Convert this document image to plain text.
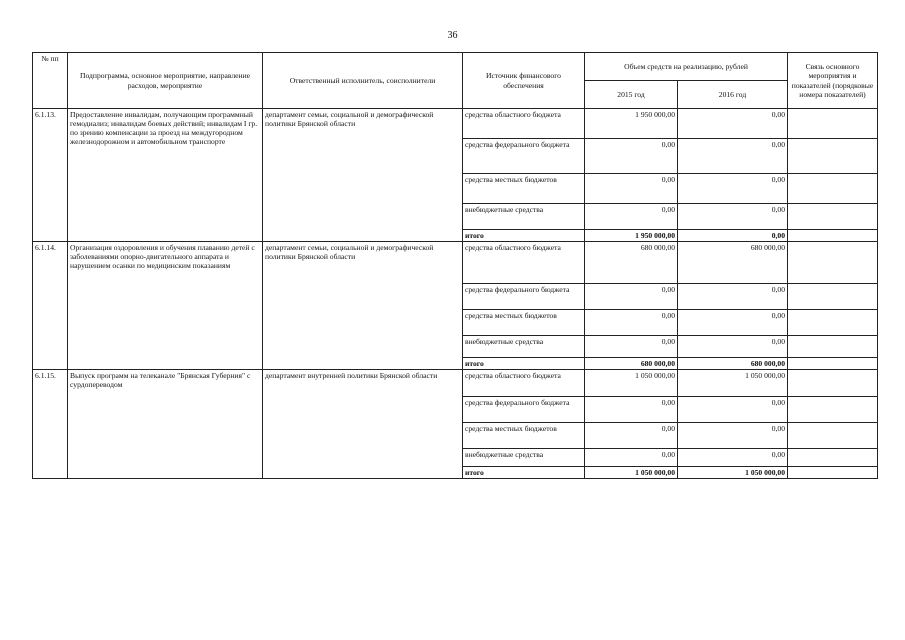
36
№ пп	Подпрограмма, основное мероприятие, направление расходов, мероприятие	Ответственный исполнитель, соисполнители	Источник финансового обеспечения	Объем средств на реализацию, рублей		Связь основного мероприятия и показателей (порядковые номера показателей)
				2015 год	2016 год	
6.1.13.	Предоставление инвалидам, получающим программный гемодиализ; инвалидам боевых действий; инвалидам I гр. по зрению компенсации за проезд на междугородном железнодорожном и автомобильном транспорте	департамент семьи, социальной и демографической политики Брянской области	средства областного бюджета	1 950 000,00	0,00	
			средства федерального бюджета	0,00	0,00	
			средства местных бюджетов	0,00	0,00	
			внебюджетные средства	0,00	0,00	
			итого	1 950 000,00	0,00	
6.1.14.	Организация оздоровления и обучения плаванию детей с заболеваниями опорно-двигательного аппарата и нарушением осанки по медицинским показаниям	департамент семьи, социальной и демографической политики Брянской области	средства областного бюджета	680 000,00	680 000,00	
			средства федерального бюджета	0,00	0,00	
			средства местных бюджетов	0,00	0,00	
			внебюджетные средства	0,00	0,00	
			итого	680 000,00	680 000,00	
6.1.15.	Выпуск программ на телеканале "Брянская Губерния" с сурдопереводом	департамент внутренней политики Брянской области	средства областного бюджета	1 050 000,00	1 050 000,00	
			средства федерального бюджета	0,00	0,00	
			средства местных бюджетов	0,00	0,00	
			внебюджетные средства	0,00	0,00	
			итого	1 050 000,00	1 050 000,00	
